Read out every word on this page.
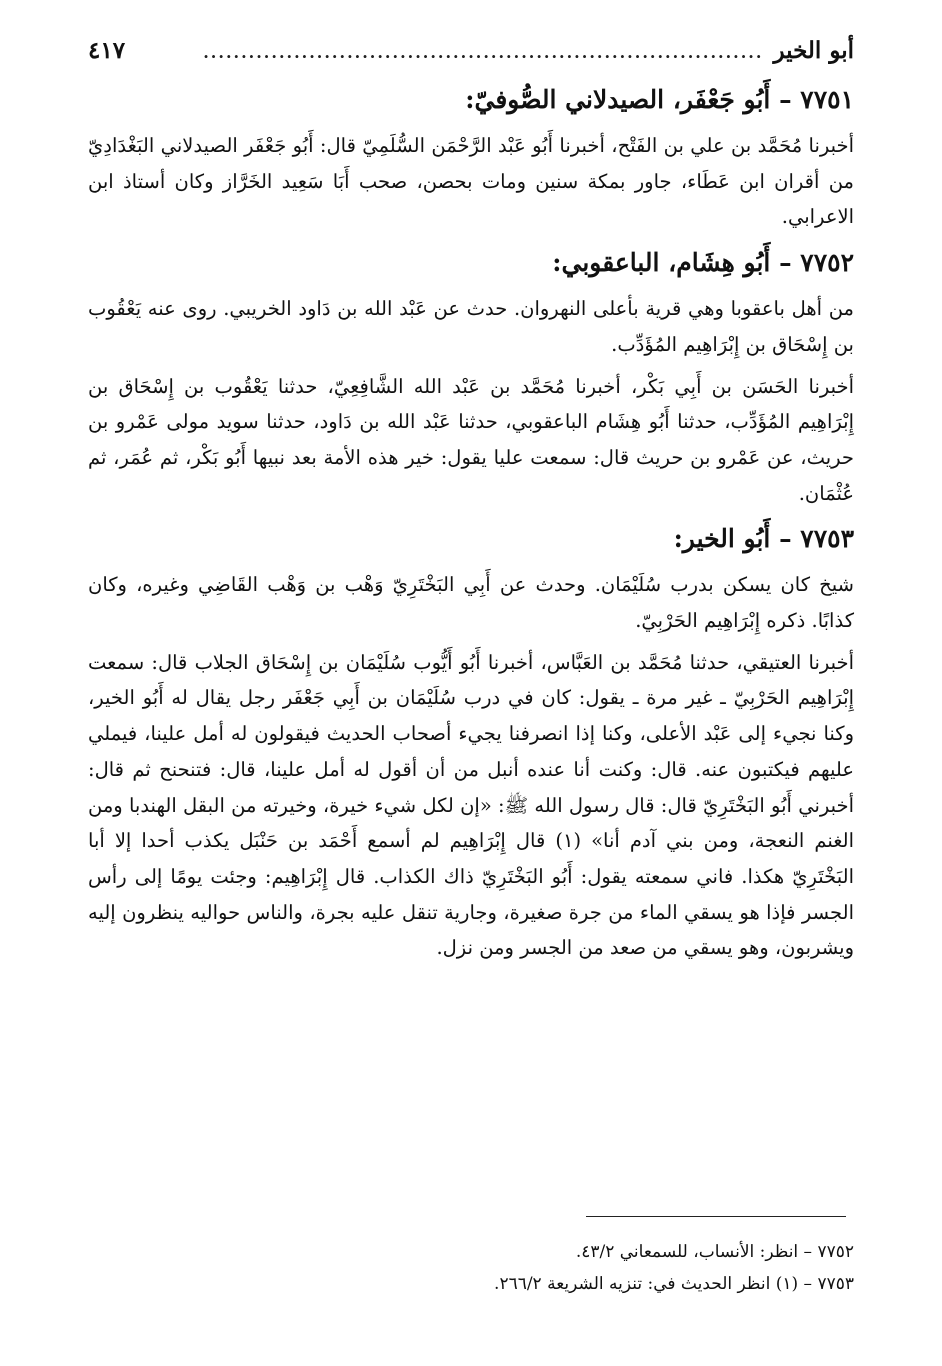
أبو الخير
..........................................................................
٤١٧
٧٧٥١ – أَبُو جَعْفَر، الصيدلاني الصُّوفيّ:

أخبرنا مُحَمَّد بن علي بن الفَتْح، أخبرنا أَبُو عَبْد الرَّحْمَن السُّلَمِيّ قال: أَبُو جَعْفَر الصيدلاني البَغْدَادِيّ من أقران ابن عَطَاء، جاور بمكة سنين ومات بحصن، صحب أَبَا سَعِيد الخَرَّاز وكان أستاذ ابن الاعرابي.

٧٧٥٢ – أَبُو هِشَام، الباعقوبي:

من أهل باعقوبا وهي قرية بأعلى النهروان. حدث عن عَبْد الله بن دَاود الخريبي. روى عنه يَعْقُوب بن إِسْحَاق بن إِبْرَاهِيم المُؤَدِّب.

أخبرنا الحَسَن بن أَبِي بَكْر، أخبرنا مُحَمَّد بن عَبْد الله الشَّافِعِيّ، حدثنا يَعْقُوب بن إِسْحَاق بن إِبْرَاهِيم المُؤَدِّب، حدثنا أَبُو هِشَام الباعقوبي، حدثنا عَبْد الله بن دَاود، حدثنا سويد مولى عَمْرو بن حريث، عن عَمْرو بن حريث قال: سمعت عليا يقول: خير هذه الأمة بعد نبيها أَبُو بَكْر، ثم عُمَر، ثم عُثْمَان.

٧٧٥٣ – أَبُو الخير:

شيخ كان يسكن بدرب سُلَيْمَان. وحدث عن أَبِي البَخْتَرِيّ وَهْب بن وَهْب القَاضِي وغيره، وكان كذابًا. ذكره إِبْرَاهِيم الحَرْبِيّ.

أخبرنا العتيقي، حدثنا مُحَمَّد بن العَبَّاس، أخبرنا أَبُو أَيُّوب سُلَيْمَان بن إِسْحَاق الجلاب قال: سمعت إِبْرَاهِيم الحَرْبِيّ ـ غير مرة ـ يقول: كان في درب سُلَيْمَان بن أَبِي جَعْفَر رجل يقال له أَبُو الخير، وكنا نجيء إلى عَبْد الأعلى، وكنا إذا انصرفنا يجيء أصحاب الحديث فيقولون له أمل علينا، فيملي عليهم فيكتبون عنه. قال: وكنت أنا عنده أنبل من أن أقول له أمل علينا، قال: فتنحنح ثم قال: أخبرني أَبُو البَخْتَرِيّ قال: قال رسول الله ﷺ: «إن لكل شيء خيرة، وخيرته من البقل الهندبا ومن الغنم النعجة، ومن بني آدم أنا» (١) قال إِبْرَاهِيم لم أسمع أَحْمَد بن حَنْبَل يكذب أحدا إلا أبا البَخْتَرِيّ هكذا. فاني سمعته يقول: أَبُو البَخْتَرِيّ ذاك الكذاب. قال إِبْرَاهِيم: وجئت يومًا إلى رأس الجسر فإذا هو يسقي الماء من جرة صغيرة، وجارية تنقل عليه بجرة، والناس حواليه ينظرون إليه ويشربون، وهو يسقي من صعد من الجسر ومن نزل.

٧٧٥٢ – انظر: الأنساب، للسمعاني ٤٣/٢.

٧٧٥٣ – (١) انظر الحديث في: تنزيه الشريعة ٢٦٦/٢.
